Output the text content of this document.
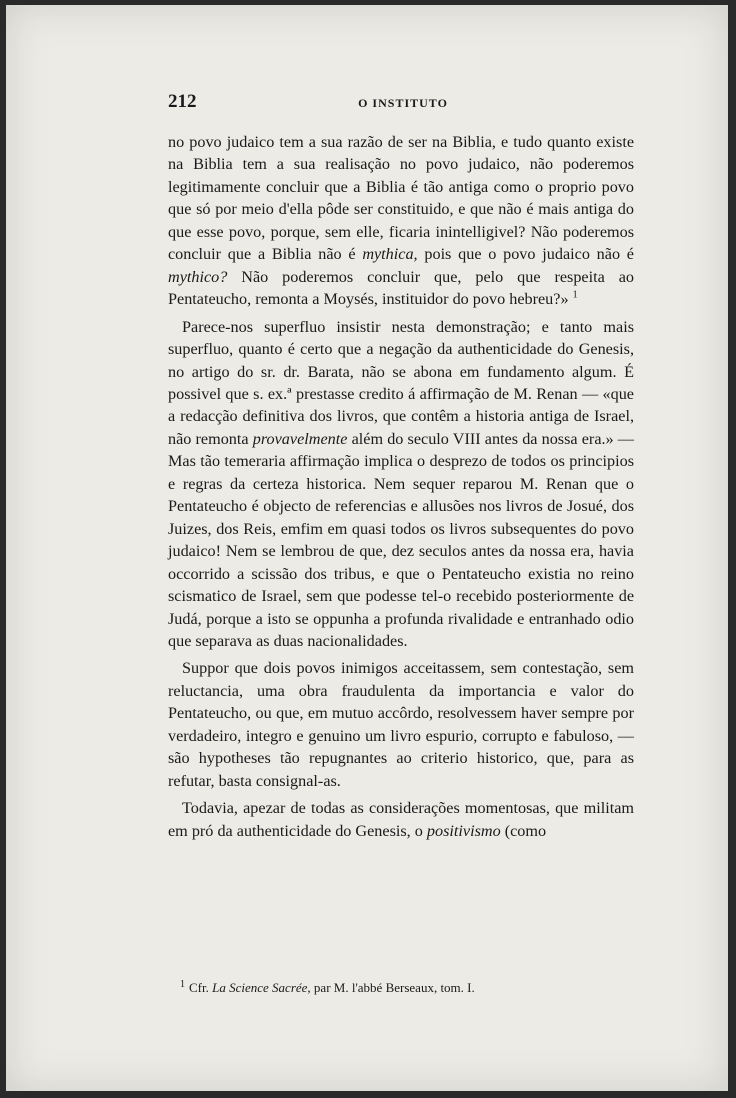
212	O INSTITUTO

no povo judaico tem a sua razão de ser na Biblia, e tudo quanto existe na Biblia tem a sua realisação no povo judaico, não poderemos legitimamente concluir que a Biblia é tão antiga como o proprio povo que só por meio d'ella pôde ser constituido, e que não é mais antiga do que esse povo, porque, sem elle, ficaria inintelligivel? Não poderemos concluir que a Biblia não é mythica, pois que o povo judaico não é mythico? Não poderemos concluir que, pelo que respeita ao Pentateucho, remonta a Moysés, instituidor do povo hebreu?» $^1$

Parece-nos superfluo insistir nesta demonstração; e tanto mais superfluo, quanto é certo que a negação da authenticidade do Genesis, no artigo do sr. dr. Barata, não se abona em fundamento algum. É possivel que s. ex.ª prestasse credito á affirmação de M. Renan — «que a redacção definitiva dos livros, que contêm a historia antiga de Israel, não remonta provavelmente além do seculo VIII antes da nossa era.» — Mas tão temeraria affirmação implica o desprezo de todos os principios e regras da certeza historica. Nem sequer reparou M. Renan que o Pentateucho é objecto de referencias e allusões nos livros de Josué, dos Juizes, dos Reis, emfim em quasi todos os livros subsequentes do povo judaico! Nem se lembrou de que, dez seculos antes da nossa era, havia occorrido a scissão dos tribus, e que o Pentateucho existia no reino scismatico de Israel, sem que podesse tel-o recebido posteriormente de Judá, porque a isto se oppunha a profunda rivalidade e entranhado odio que separava as duas nacionalidades.

Suppor que dois povos inimigos acceitassem, sem contestação, sem reluctancia, uma obra fraudulenta da importancia e valor do Pentateucho, ou que, em mutuo accôrdo, resolvessem haver sempre por verdadeiro, integro e genuino um livro espurio, corrupto e fabuloso, — são hypotheses tão repugnantes ao criterio historico, que, para as refutar, basta consignal-as.

Todavia, apezar de todas as considerações momentosas, que militam em pró da authenticidade do Genesis, o positivismo (como

$^1$ Cfr. La Science Sacrée, par M. l'abbé Berseaux, tom. I.
